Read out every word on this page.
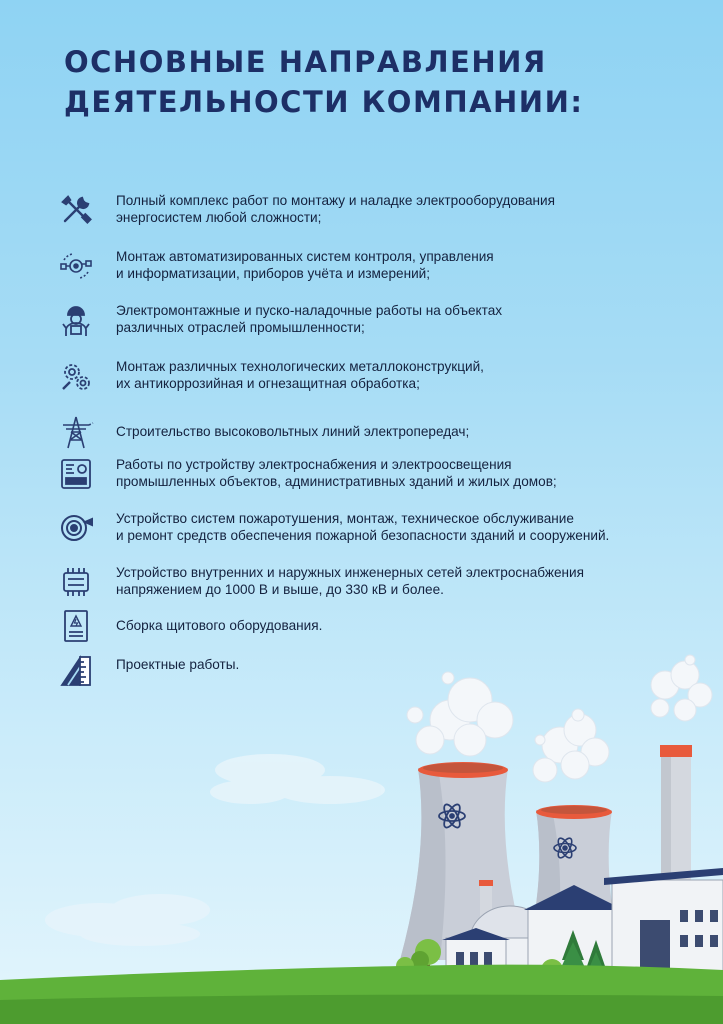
ОСНОВНЫЕ НАПРАВЛЕНИЯ
ДЕЯТЕЛЬНОСТИ КОМПАНИИ:
Полный комплекс работ по монтажу и наладке электрооборудования
энергосистем любой сложности;
Монтаж автоматизированных систем контроля, управления
и информатизации, приборов учёта и измерений;
Электромонтажные и пуско-наладочные работы на объектах
различных отраслей промышленности;
Монтаж различных технологических металлоконструкций,
их антикоррозийная и огнезащитная обработка;
Строительство высоковольтных линий электропередач;
Работы по устройству электроснабжения и электроосвещения
промышленных объектов, административных зданий и жилых домов;
Устройство систем пожаротушения, монтаж, техническое обслуживание
и ремонт средств обеспечения пожарной безопасности зданий и сооружений.
Устройство внутренних и наружных инженерных сетей электроснабжения
напряжением до 1000 В и выше, до 330 кВ и более.
Сборка щитового оборудования.
Проектные работы.
